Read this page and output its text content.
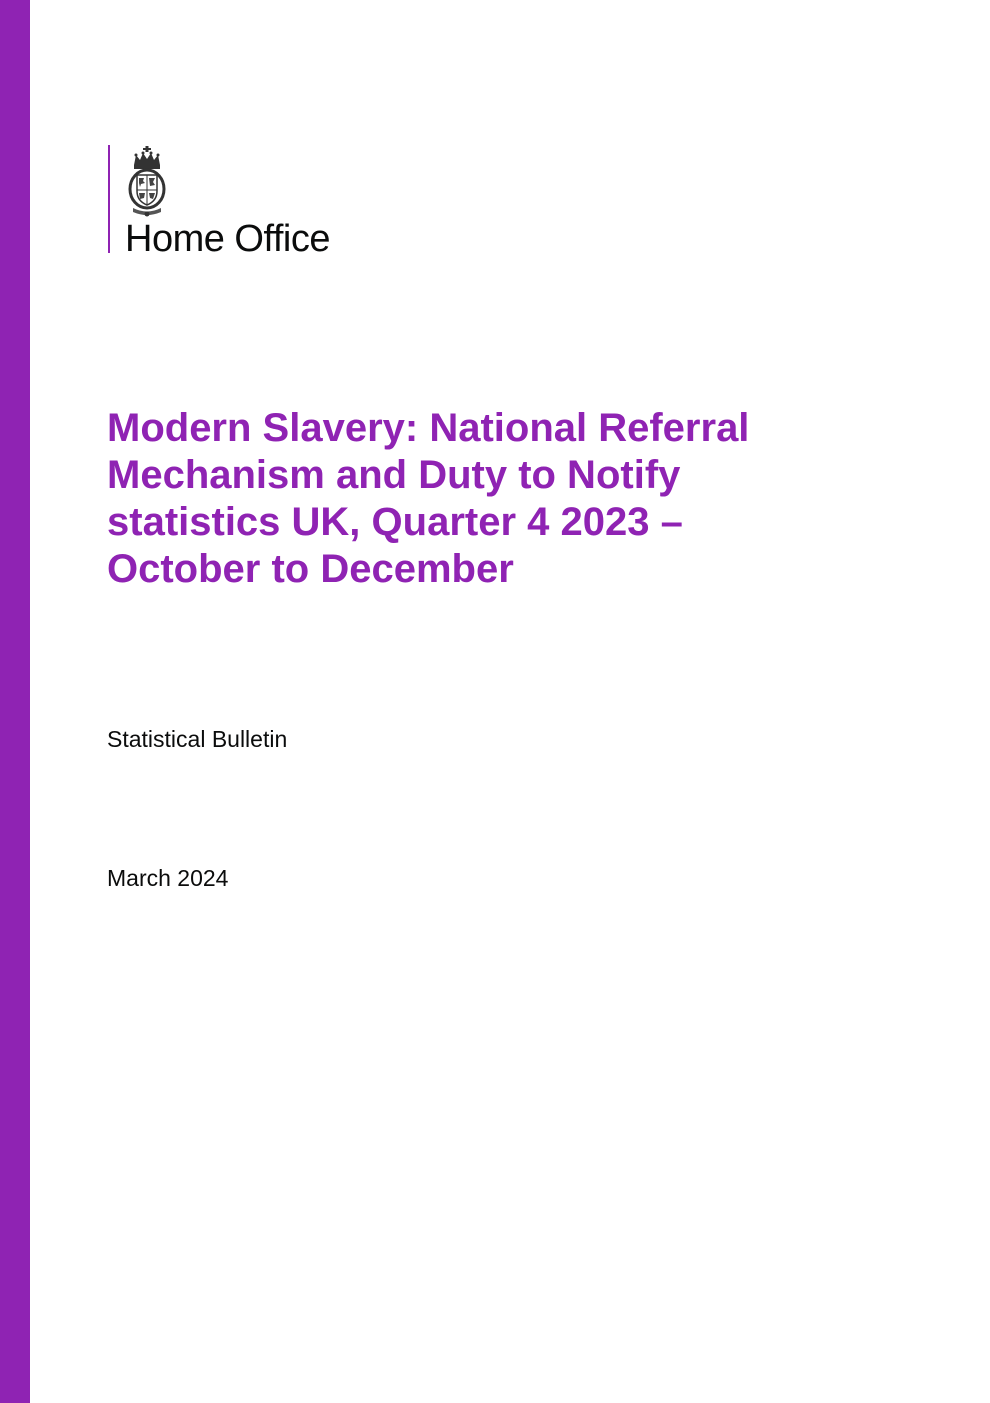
Home Office
Modern Slavery: National Referral Mechanism and Duty to Notify statistics UK, Quarter 4 2023 – October to December
Statistical Bulletin
March 2024
